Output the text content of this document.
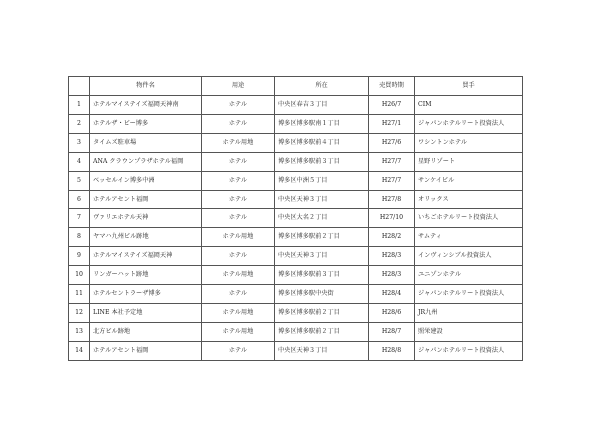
	物件名	用途	所在	売買時期	買手
1	ホテルマイステイズ福岡天神南	ホテル	中央区春吉３丁目	H26/7	CIM
2	ホテルザ・ビー博多	ホテル	博多区博多駅南１丁目	H27/1	ジャパンホテルリート投資法人
3	タイムズ駐車場	ホテル用地	博多区博多駅前４丁目	H27/6	ワシントンホテル
4	ANA クラウンプラザホテル福岡	ホテル	博多区博多駅前３丁目	H27/7	星野リゾート
5	ベッセルイン博多中洲	ホテル	博多区中洲５丁目	H27/7	サンケイビル
6	ホテルアセント福岡	ホテル	中央区天神３丁目	H27/8	オリックス
7	ヴァリエホテル天神	ホテル	中央区大名２丁目	H27/10	いちごホテルリート投資法人
8	ヤマハ九州ビル跡地	ホテル用地	博多区博多駅前２丁目	H28/2	サムティ
9	ホテルマイステイズ福岡天神	ホテル	中央区天神３丁目	H28/3	インヴィンシブル投資法人
10	リンガーハット跡地	ホテル用地	博多区博多駅前３丁目	H28/3	ユニゾンホテル
11	ホテルセントラーザ博多	ホテル	博多区博多駅中央街	H28/4	ジャパンホテルリート投資法人
12	LINE 本社予定地	ホテル用地	博多区博多駅前２丁目	H28/6	JR九州
13	北方ビル跡地	ホテル用地	博多区博多駅前２丁目	H28/7	照栄建設
14	ホテルアセント福岡	ホテル	中央区天神３丁目	H28/8	ジャパンホテルリート投資法人
